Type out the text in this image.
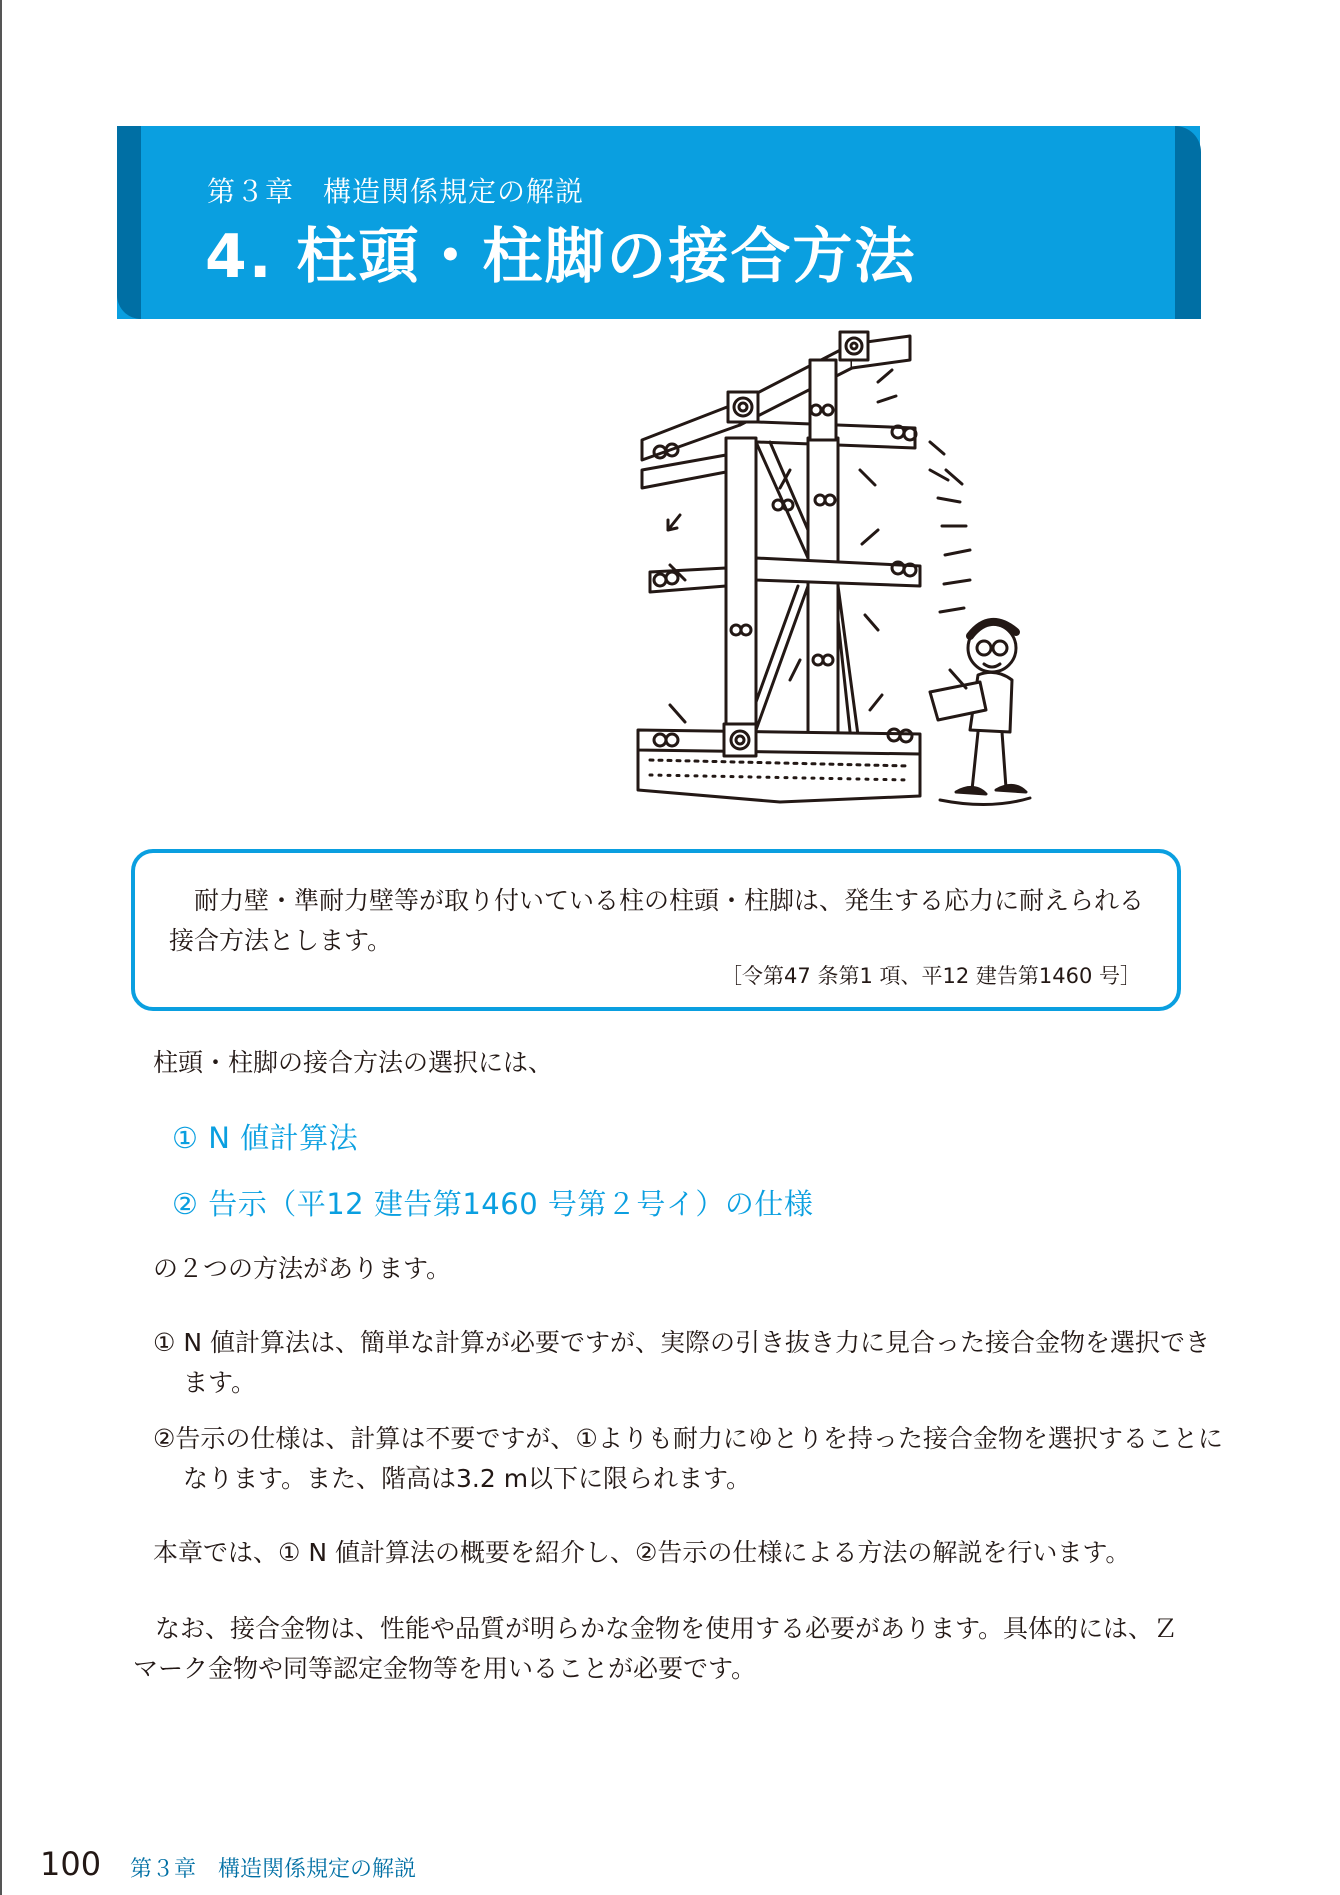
第３章　構造関係規定の解説
4. 柱頭・柱脚の接合方法
耐力壁・準耐力壁等が取り付いている柱の柱頭・柱脚は、発生する応力に耐えられる接合方法とします。
［令第47 条第1 項、平12 建告第1460 号］
柱頭・柱脚の接合方法の選択には、
① N 値計算法
② 告示（平12 建告第1460 号第２号イ）の仕様
の２つの方法があります。
① N 値計算法は、簡単な計算が必要ですが、実際の引き抜き力に見合った接合金物を選択できます。
②告示の仕様は、計算は不要ですが、①よりも耐力にゆとりを持った接合金物を選択することになります。また、階高は3.2 m以下に限られます。
本章では、① N 値計算法の概要を紹介し、②告示の仕様による方法の解説を行います。
なお、接合金物は、性能や品質が明らかな金物を使用する必要があります。具体的には、Ｚマーク金物や同等認定金物等を用いることが必要です。
100 第３章　構造関係規定の解説
